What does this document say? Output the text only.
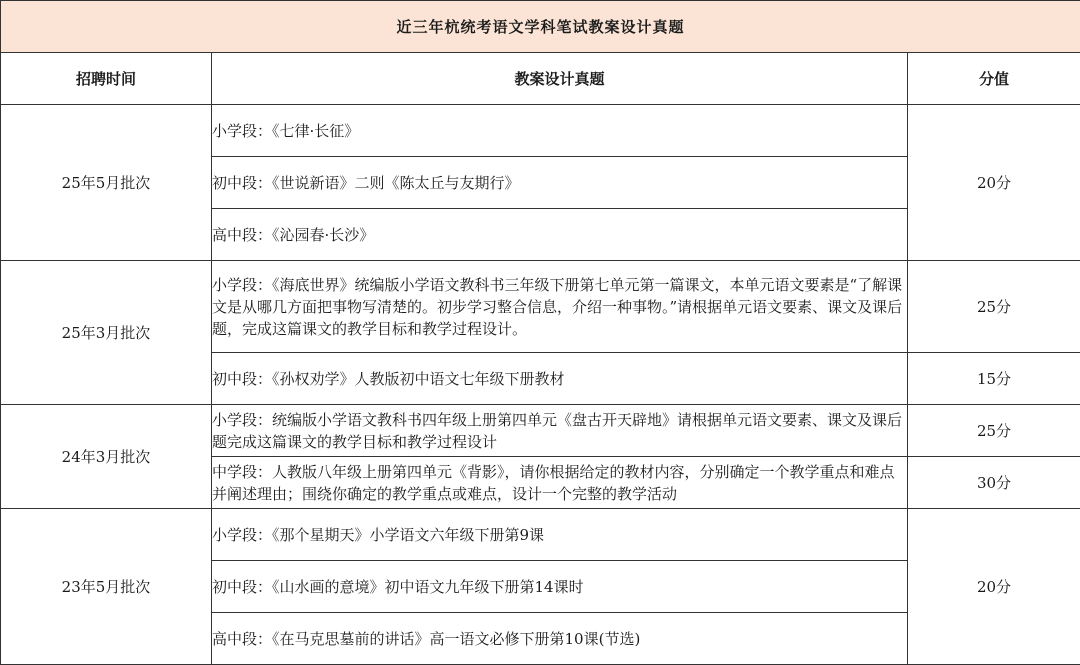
近三年杭统考语文学科笔试教案设计真题		
招聘时间	教案设计真题	分值
25年5月批次	小学段：《七律·长征》	20分
	初中段：《世说新语》二则《陈太丘与友期行》	
	高中段：《沁园春·长沙》	
25年3月批次	小学段：《海底世界》统编版小学语文教科书三年级下册第七单元第一篇课文，本单元语文要素是“了解课文是从哪几方面把事物写清楚的。初步学习整合信息，介绍一种事物。”请根据单元语文要素、课文及课后题，完成这篇课文的教学目标和教学过程设计。	25分
	初中段：《孙权劝学》人教版初中语文七年级下册教材	15分
24年3月批次	小学段：统编版小学语文教科书四年级上册第四单元《盘古开天辟地》请根据单元语文要素、课文及课后题完成这篇课文的教学目标和教学过程设计	25分
	中学段：人教版八年级上册第四单元《背影》，请你根据给定的教材内容，分别确定一个教学重点和难点并阐述理由；围绕你确定的教学重点或难点，设计一个完整的教学活动	30分
23年5月批次	小学段：《那个星期天》小学语文六年级下册第9课	20分
	初中段：《山水画的意境》初中语文九年级下册第14课时	
	高中段：《在马克思墓前的讲话》高一语文必修下册第10课(节选)	
